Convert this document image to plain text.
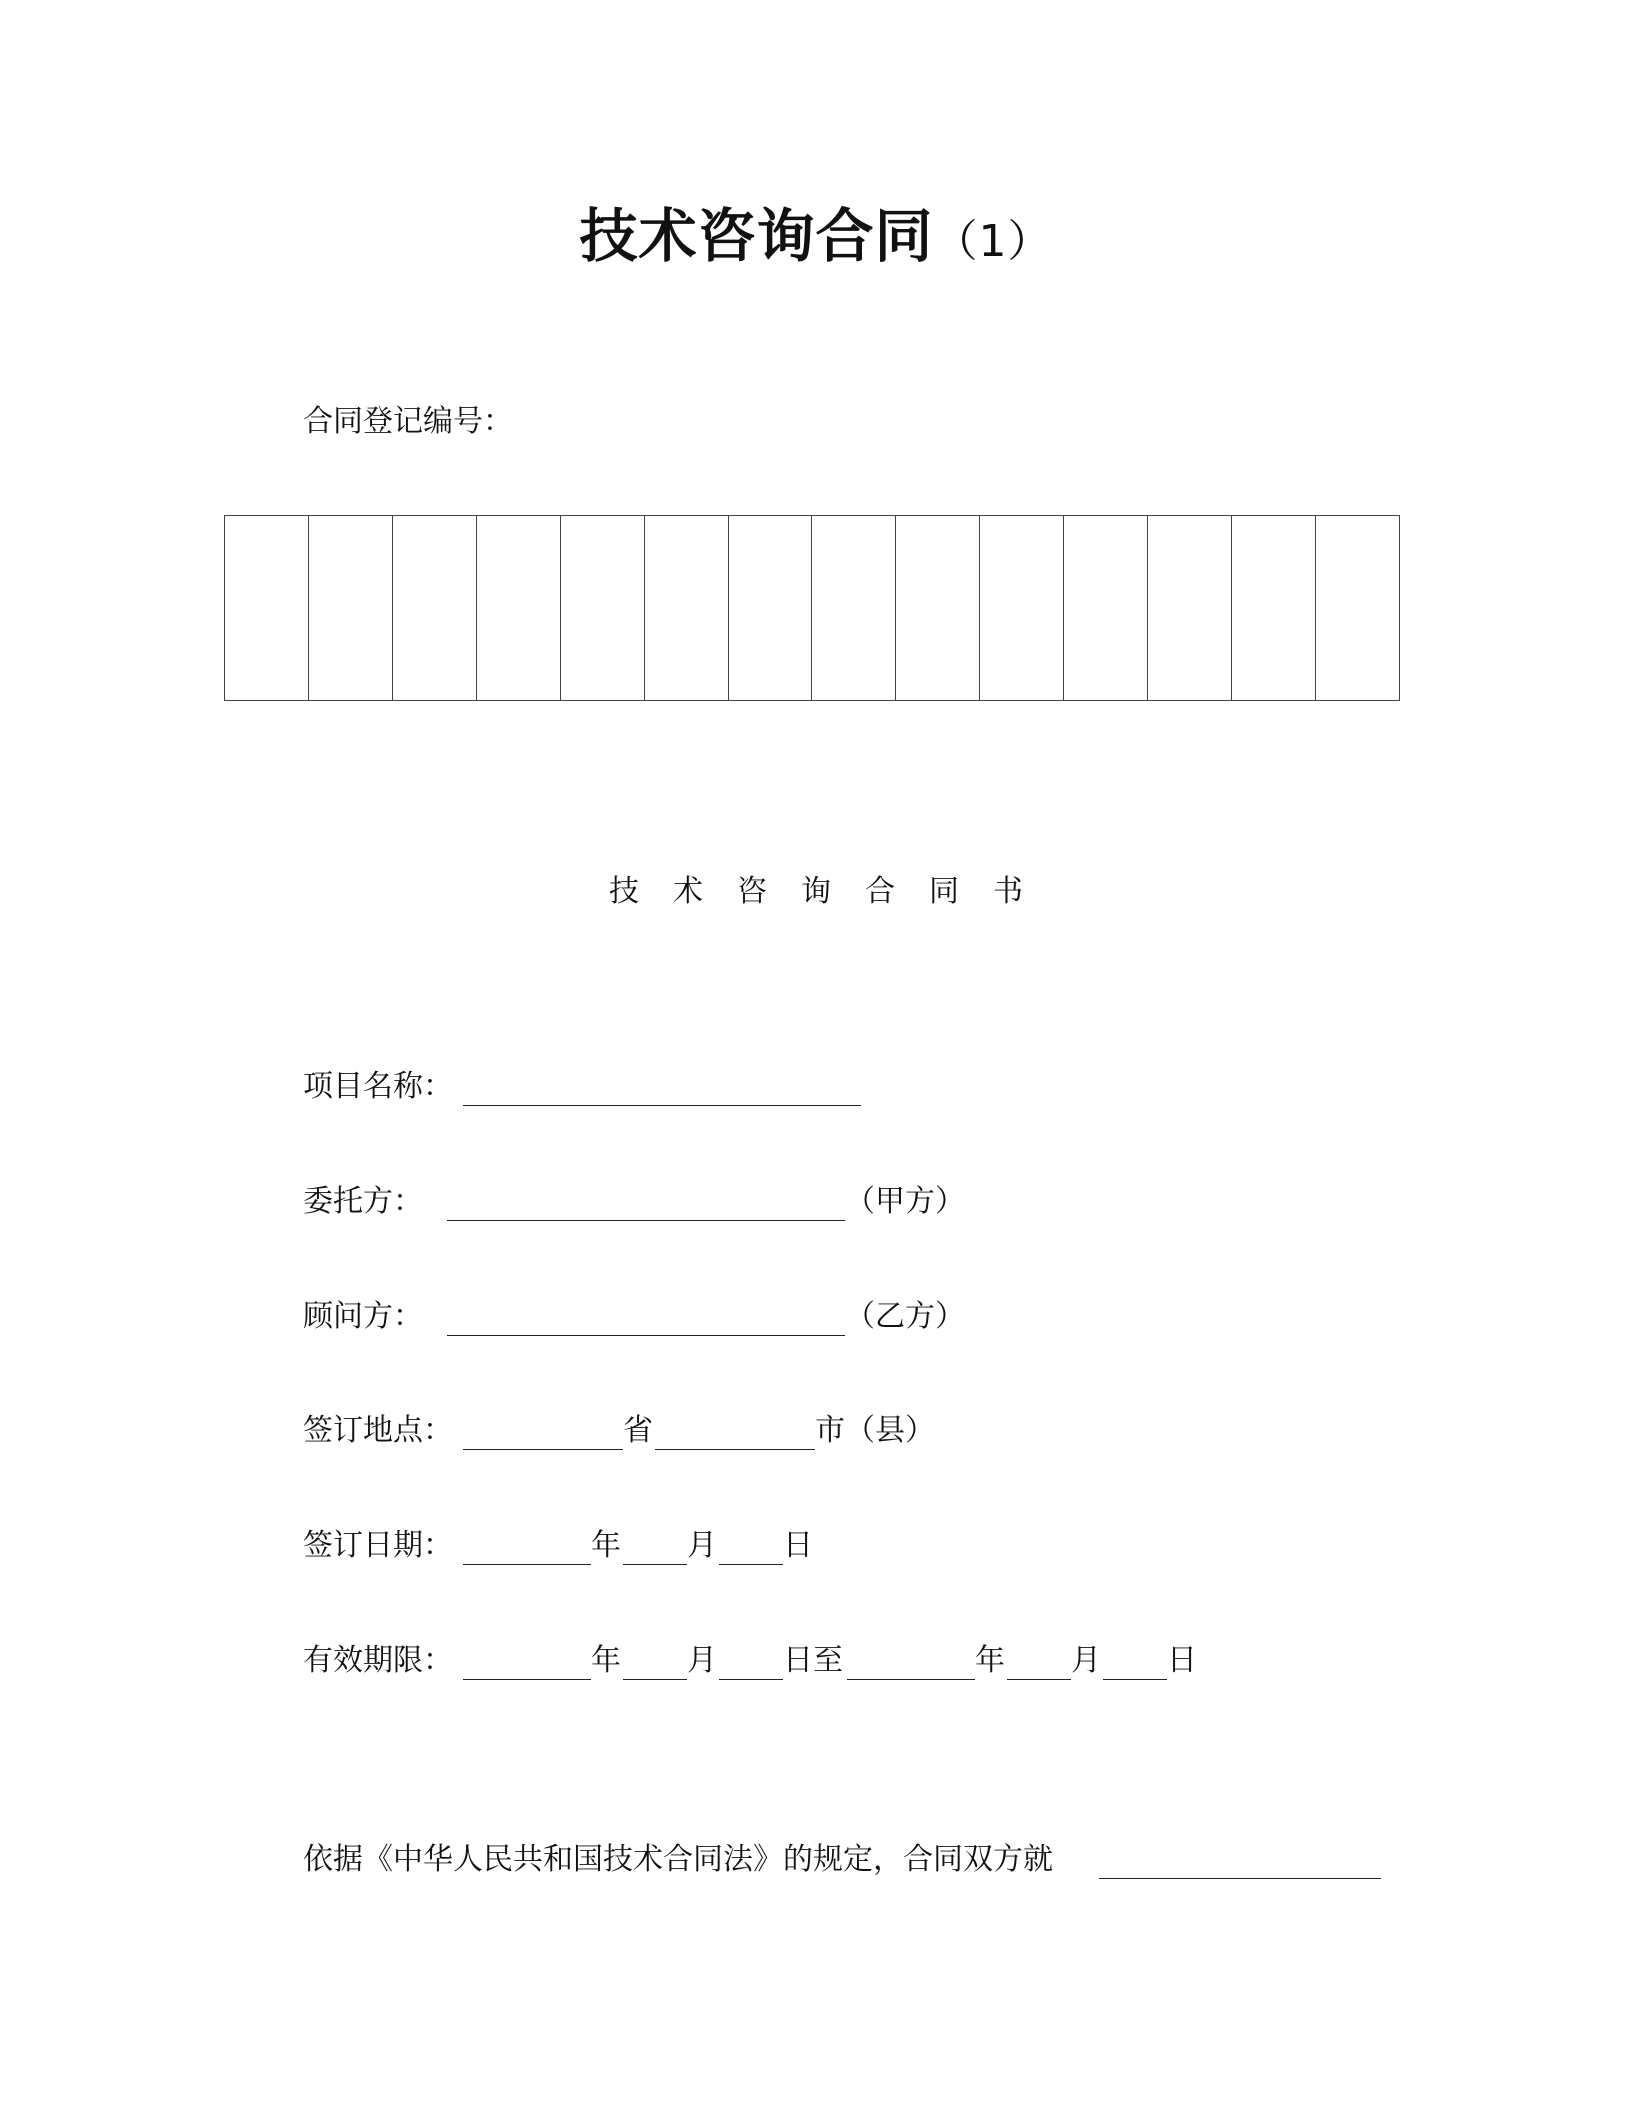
技术咨询合同（1）
合同登记编号：

技术咨询合同书
项目名称：
委托方：	（甲方）
顾问方：	（乙方）
签订地点：	省	市（县）
签订日期：	年 月 日
有效期限：	年 月 日至	年 月 日
依据《中华人民共和国技术合同法》的规定，合同双方就
